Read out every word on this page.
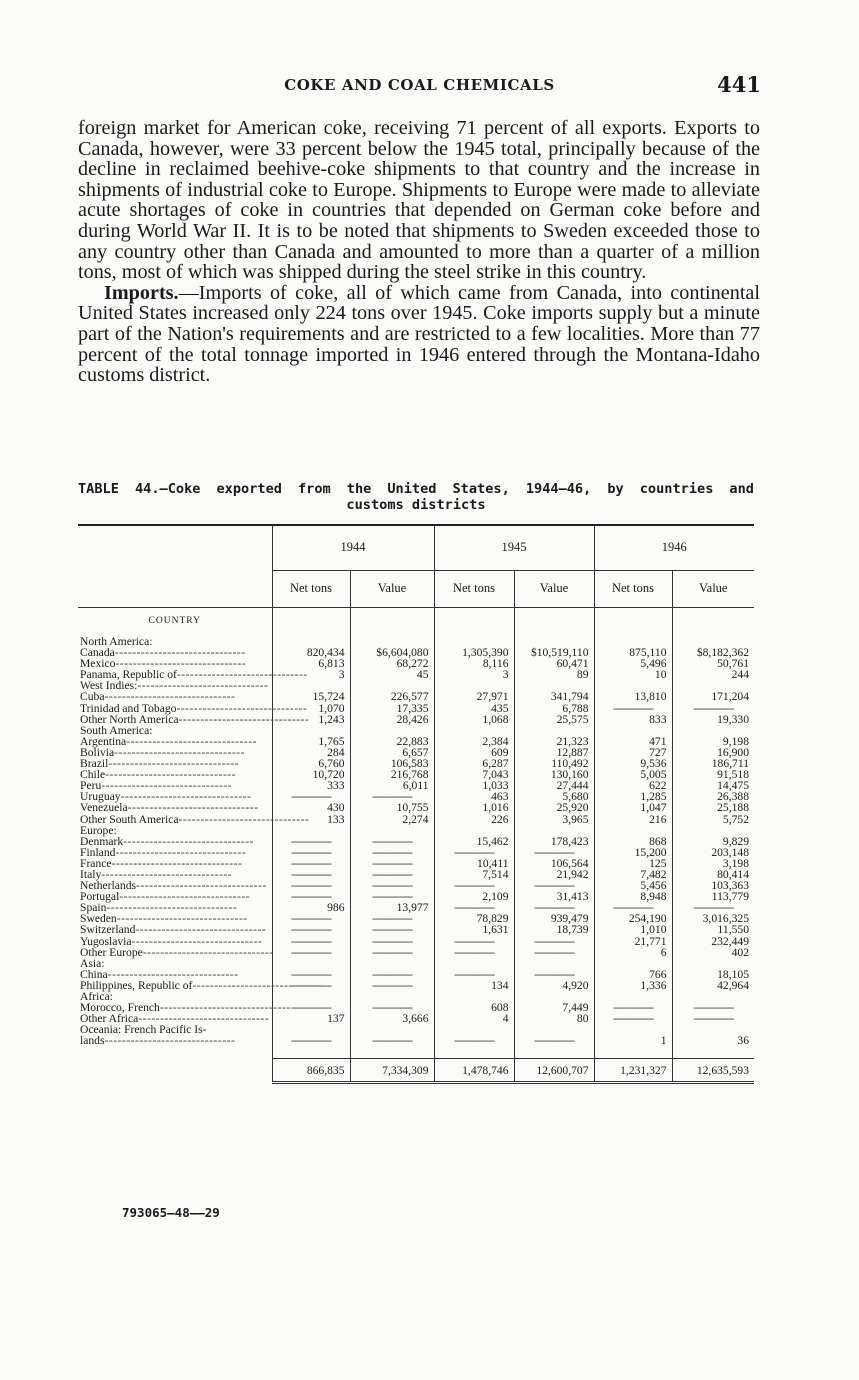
COKE AND COAL CHEMICALS	441

foreign market for American coke, receiving 71 percent of all exports. Exports to Canada, however, were 33 percent below the 1945 total, principally because of the decline in reclaimed beehive-coke shipments to that country and the increase in shipments of industrial coke to Europe. Shipments to Europe were made to alleviate acute shortages of coke in countries that depended on German coke before and during World War II. It is to be noted that shipments to Sweden exceeded those to any country other than Canada and amounted to more than a quarter of a million tons, most of which was shipped during the steel strike in this country.

Imports.—Imports of coke, all of which came from Canada, into continental United States increased only 224 tons over 1945. Coke imports supply but a minute part of the Nation's requirements and are restricted to a few localities. More than 77 percent of the total tonnage imported in 1946 entered through the Montana-Idaho customs district.

TABLE 44.—Coke exported from the United States, 1944–46, by countries and
customs districts
	1944		1945		1946	
	Net tons	Value	Net tons	Value	Net tons	Value
COUNTRY						
North America:						
Canada------------------------------	820,434	$6,604,080	1,305,390	$10,519,110	875,110	$8,182,362
Mexico------------------------------	6,813	68,272	8,116	60,471	5,496	50,761
Panama, Republic of------------------------------	3	45	3	89	10	244
West Indies:------------------------------						
Cuba------------------------------	15,724	226,577	27,971	341,794	13,810	171,204
Trinidad and Tobago------------------------------	1,070	17,335	435	6,788	-----	-----
Other North America------------------------------	1,243	28,426	1,068	25,575	833	19,330
South America:						
Argentina------------------------------	1,765	22,883	2,384	21,323	471	9,198
Bolivia------------------------------	284	6,657	609	12,887	727	16,900
Brazil------------------------------	6,760	106,583	6,287	110,492	9,536	186,711
Chile------------------------------	10,720	216,768	7,043	130,160	5,005	91,518
Peru------------------------------	333	6,011	1,033	27,444	622	14,475
Uruguay------------------------------	-----	-----	463	5,680	1,285	26,388
Venezuela------------------------------	430	10,755	1,016	25,920	1,047	25,188
Other South America------------------------------	133	2,274	226	3,965	216	5,752
Europe:						
Denmark------------------------------	-----	-----	15,462	178,423	868	9,829
Finland------------------------------	-----	-----	-----	-----	15,200	203,148
France------------------------------	-----	-----	10,411	106,564	125	3,198
Italy------------------------------	-----	-----	7,514	21,942	7,482	80,414
Netherlands------------------------------	-----	-----	-----	-----	5,456	103,363
Portugal------------------------------	-----	-----	2,109	31,413	8,948	113,779
Spain------------------------------	986	13,977	-----	-----	-----	-----
Sweden------------------------------	-----	-----	78,829	939,479	254,190	3,016,325
Switzerland------------------------------	-----	-----	1,631	18,739	1,010	11,550
Yugoslavia------------------------------	-----	-----	-----	-----	21,771	232,449
Other Europe------------------------------	-----	-----	-----	-----	6	402
Asia:						
China------------------------------	-----	-----	-----	-----	766	18,105
Philippines, Republic of------------------------------	-----	-----	134	4,920	1,336	42,964
Africa:						
Morocco, French------------------------------	-----	-----	608	7,449	-----	-----
Other Africa------------------------------	137	3,666	4	80	-----	-----
Oceania: French Pacific Is-						
lands------------------------------	-----	-----	-----	-----	1	36

	866,835	7,334,309	1,478,746	12,600,707	1,231,327	12,635,593
793065—48——29
